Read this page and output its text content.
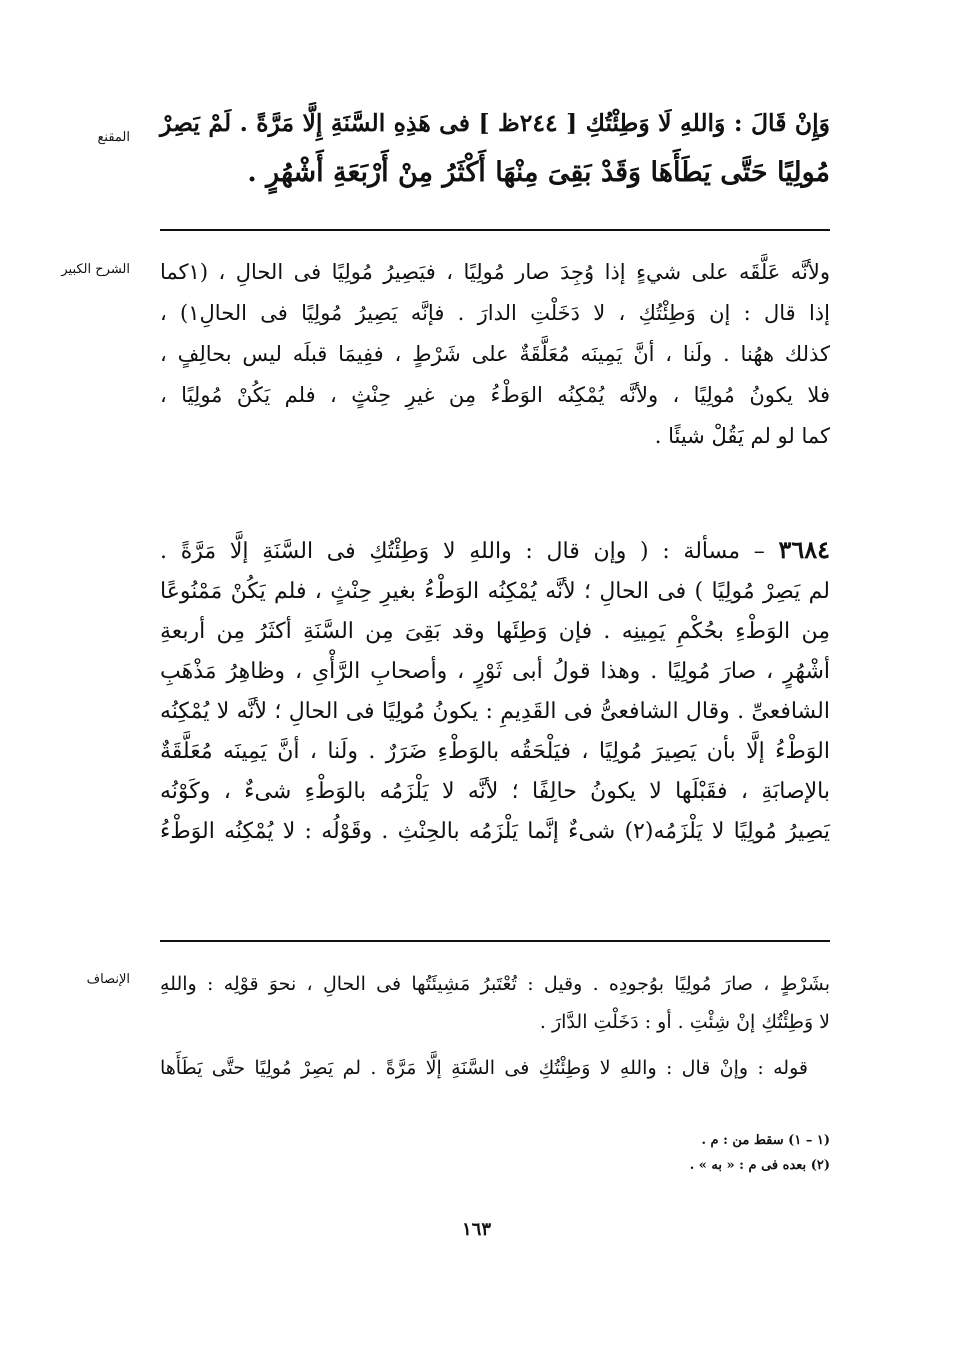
المقنع
وَإِنْ قَالَ : وَاللهِ لَا وَطِئْتُكِ [ ٢٤٤ظ ] فى هَذِهِ السَّنَةِ إِلَّا مَرَّةً . لَمْ يَصِرْ
مُولِيًا حَتَّى يَطَأَهَا وَقَدْ بَقِىَ مِنْهَا أَكْثَرُ مِنْ أَرْبَعَةِ أَشْهُرٍ .
الشرح الكبير ولأنَّه عَلَّقَه على شيءٍ إذا وُجِدَ صار مُولِيًا ، فيَصِيرُ مُولِيًا فى الحالِ ، (١كما
إذا قال : إن وَطِئْتُكِ ، لا دَخَلْتِ الدارَ . فإنَّه يَصِيرُ مُولِيًا فى الحالِ١) ،
كذلك ههُنا . ولَنا ، أنَّ يَمِينَه مُعَلَّقَةٌ على شَرْطٍ ، ففِيمَا قبلَه ليس بحالِفٍ ،
فلا يكونُ مُولِيًا ، ولأنَّه يُمْكِنُه الوَطْءُ مِن غيرِ حِنْثٍ ، فلم يَكُنْ مُولِيًا ،
كما لو لم يَقُلْ شيئًا .
٣٦٨٤ – مسألة : ( وإن قال : واللهِ لا وَطِئْتُكِ فى السَّنَةِ إلَّا مَرَّةً .
لم يَصِرْ مُولِيًا ) فى الحالِ ؛ لأنَّه يُمْكِنُه الوَطْءُ بغيرِ حِنْثٍ ، فلم يَكُنْ مَمْنُوعًا
مِن الوَطْءِ بحُكْمِ يَمِينِه . فإن وَطِئَها وقد بَقِىَ مِن السَّنَةِ أكثَرُ مِن أربعةِ
أشْهُرٍ ، صارَ مُولِيًا . وهذا قولُ أبى ثَوْرٍ ، وأصحابِ الرَّأْىِ ، وظاهِرُ مَذْهَبِ
الشافعىِّ . وقال الشافعىُّ فى القَدِيمِ : يكونُ مُولِيًا فى الحالِ ؛ لأنَّه لا يُمْكِنُه
الوَطْءُ إلَّا بأن يَصِيرَ مُولِيًا ، فيَلْحَقُه بالوَطْءِ ضَرَرٌ . ولَنا ، أنَّ يَمِينَه مُعَلَّقَةٌ
بالإصابَةِ ، فقَبْلَها لا يكونُ حالِفًا ؛ لأنَّه لا يَلْزَمُه بالوَطْءِ شىءٌ ، وكَوْنُه
يَصِيرُ مُولِيًا لا يَلْزَمُه(٢) شىءٌ إنَّما يَلْزَمُه بالحِنْثِ . وقَوْلُه : لا يُمْكِنُه الوَطْءُ
الإنصاف بشَرْطٍ ، صارَ مُولِيًا بوُجودِه . وقيل : تُعْتَبرُ مَشِيئَتُها فى الحالِ ، نحوَ قوْلِه : واللهِ
لا وَطِئْتُكِ إنْ شِئْتِ . أو : دَخَلْتِ الدَّارَ .
قوله : وإنْ قال : واللهِ لا وَطِئْتُكِ فى السَّنَةِ إلَّا مَرَّةً . لم يَصِرْ مُولِيًا حتَّى يَطَأَها
(١ – ١) سقط من : م .
(٢) بعده فى م : « به » .
١٦٣
